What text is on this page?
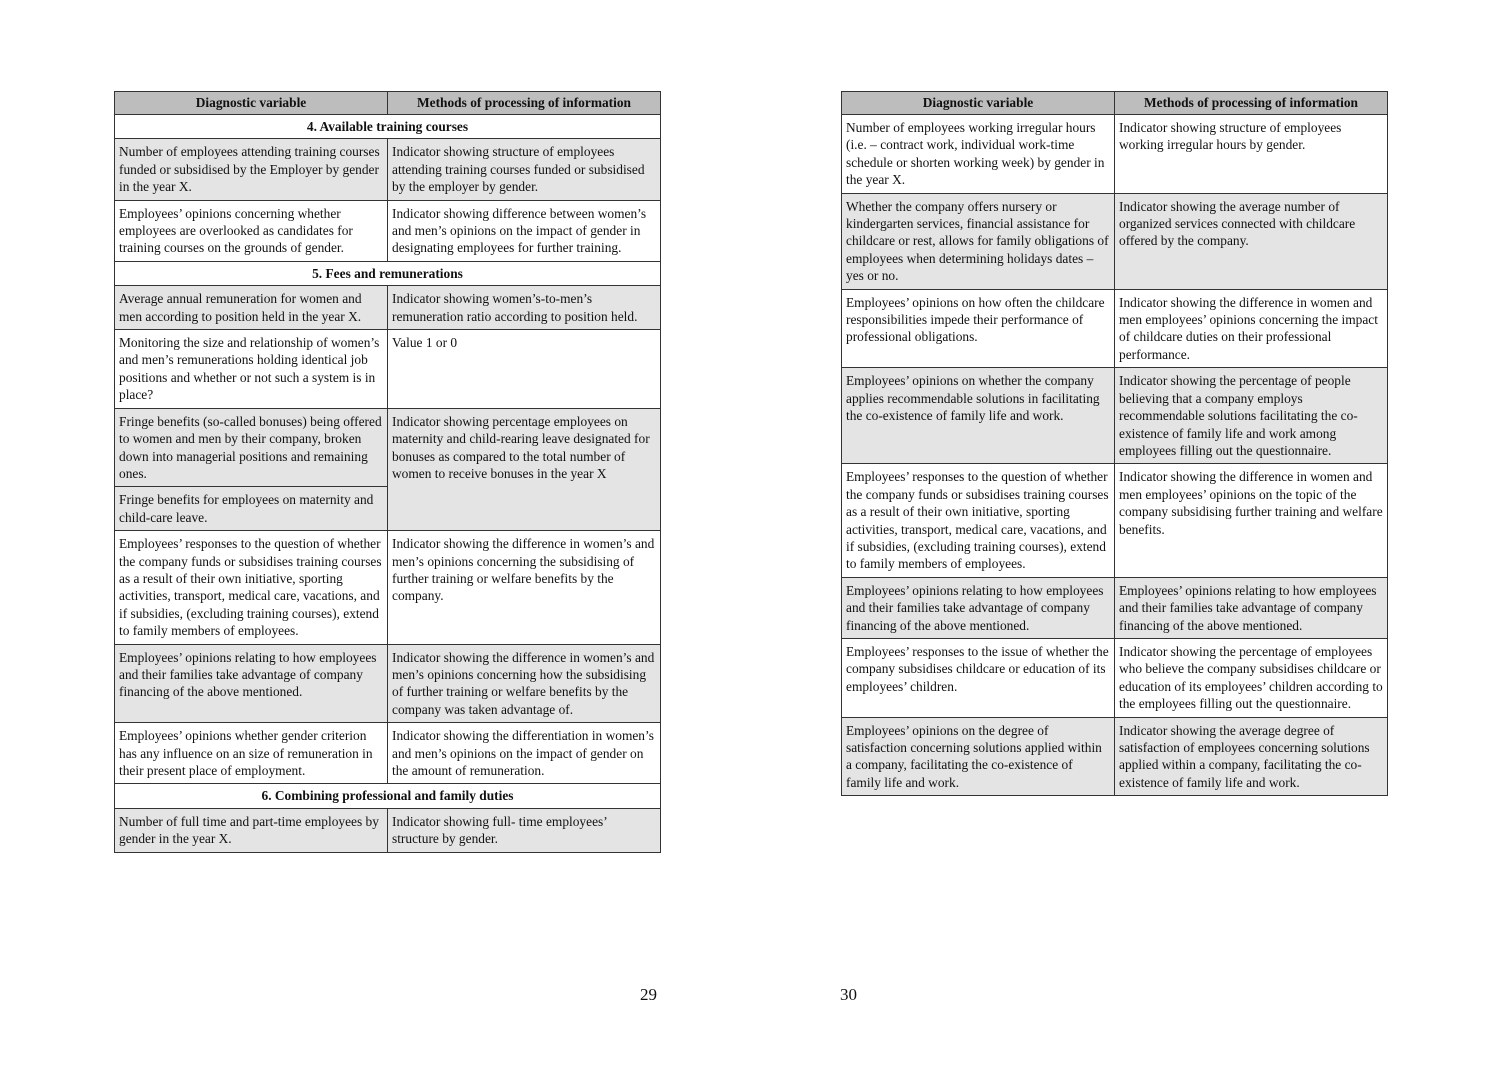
Diagnostic variable	Methods of processing of information
4. Available training courses	
Number of employees attending training courses funded or subsidised by the Employer by gender in the year X.	Indicator showing structure of employees attending training courses funded or subsidised by the employer by gender.
Employees’ opinions concerning whether employees are overlooked as candidates for training courses on the grounds of gender.	Indicator showing difference between women’s and men’s opinions on the impact of gender in designating employees for further training.
5. Fees and remunerations	
Average annual remuneration for women and men according to position held in the year X.	Indicator showing women’s-to-men’s remuneration ratio according to position held.
Monitoring the size and relationship of women’s and men’s remunerations holding identical job positions and whether or not such a system is in place?	Value 1 or 0
Fringe benefits (so-called bonuses) being offered to women and men by their company, broken down into managerial positions and remaining ones.	Indicator showing percentage employees on maternity and child-rearing leave designated for bonuses as compared to the total number of women to receive bonuses in the year X
Fringe benefits for employees on maternity and child-care leave.	
Employees’ responses to the question of whether the company funds or subsidises training courses as a result of their own initiative, sporting activities, transport, medical care, vacations, and if subsidies, (excluding training courses), extend to family members of employees.	Indicator showing the difference in women’s and men’s opinions concerning the subsidising of further training or welfare benefits by the company.
Employees’ opinions relating to how employees and their families take advantage of company financing of the above mentioned.	Indicator showing the difference in women’s and men’s opinions concerning how the subsidising of further training or welfare benefits by the company was taken advantage of.
Employees’ opinions whether gender criterion has any influence on an size of remuneration in their present place of employment.	Indicator showing the differentiation in women’s and men’s opinions on the impact of gender on the amount of remuneration.
6. Combining professional and family duties	
Number of full time and part-time employees by gender in the year X.	Indicator showing full- time employees’ structure by gender.
29
Diagnostic variable	Methods of processing of information
Number of employees working irregular hours (i.e. – contract work, individual work-time schedule or shorten working week) by gender in the year X.	Indicator showing structure of employees working irregular hours by gender.
Whether the company offers nursery or kindergarten services, financial assistance for childcare or rest, allows for family obligations of employees when determining holidays dates – yes or no.	Indicator showing the average number of organized services connected with childcare offered by the company.
Employees’ opinions on how often the childcare responsibilities impede their performance of professional obligations.	Indicator showing the difference in women and men employees’ opinions concerning the impact of childcare duties on their professional performance.
Employees’ opinions on whether the company applies recommendable solutions in facilitating the co-existence of family life and work.	Indicator showing the percentage of people believing that a company employs recommendable solutions facilitating the co-existence of family life and work among employees filling out the questionnaire.
Employees’ responses to the question of whether the company funds or subsidises training courses as a result of their own initiative, sporting activities, transport, medical care, vacations, and if subsidies, (excluding training courses), extend to family members of employees.	Indicator showing the difference in women and men employees’ opinions on the topic of the company subsidising further training and welfare benefits.
Employees’ opinions relating to how employees and their families take advantage of company financing of the above mentioned.	Employees’ opinions relating to how employees and their families take advantage of company financing of the above mentioned.
Employees’ responses to the issue of whether the company subsidises childcare or education of its employees’ children.	Indicator showing the percentage of employees who believe the company subsidises childcare or education of its employees’ children according to the employees filling out the questionnaire.
Employees’ opinions on the degree of satisfaction concerning solutions applied within a company, facilitating the co-existence of family life and work.	Indicator showing the average degree of satisfaction of employees concerning solutions applied within a company, facilitating the co-existence of family life and work.
30
